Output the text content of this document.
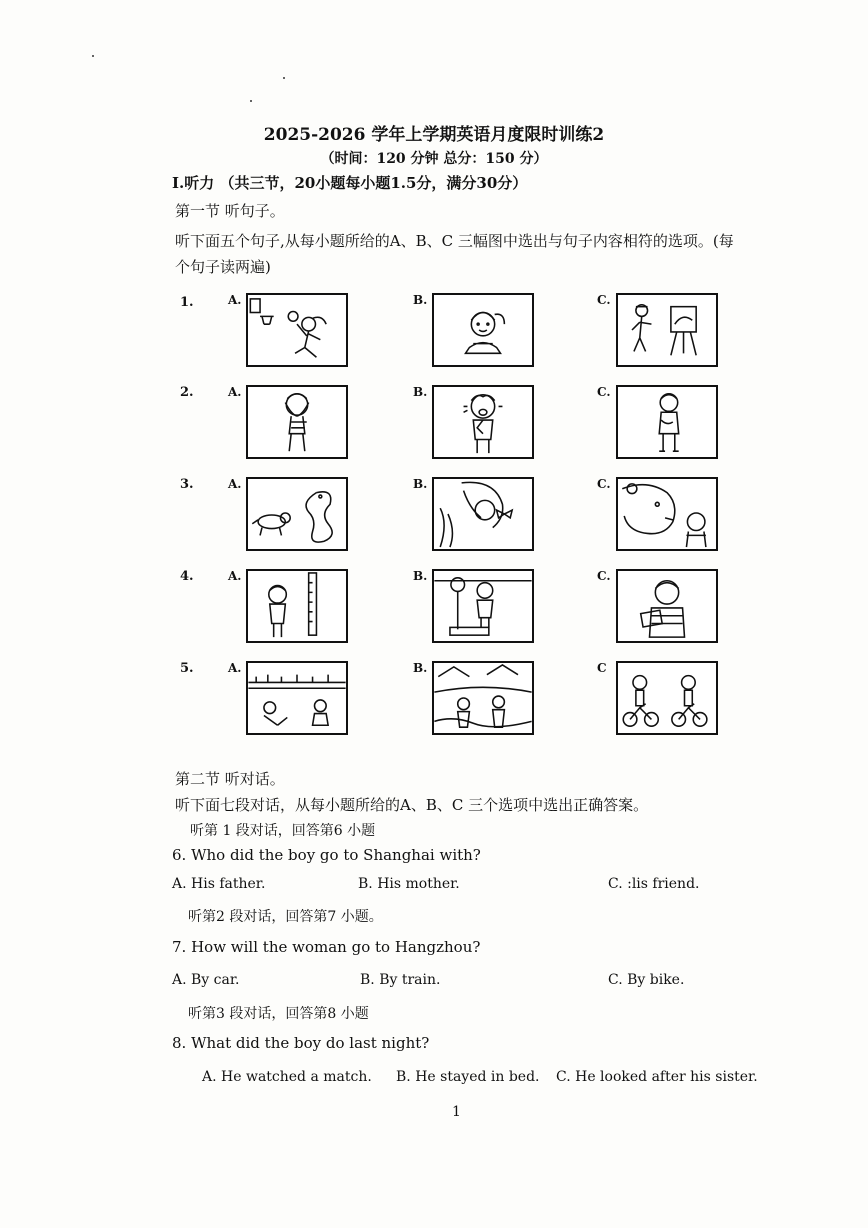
2025-2026 学年上学期英语月度限时训练2
（时间：120 分钟 总分：150 分）
Ⅰ.听力 （共三节，20小题每小题1.5分，满分30分）
第一节 听句子。
听下面五个句子,从每小题所给的A、B、C 三幅图中选出与句子内容相符的选项。(每
个句子读两遍)
1.	A.	B.	C.
2.	A.	B.	C.
3.	A.	B.	C.
4.	A.	B.	C.
5.	A.	B.	C
第二节 听对话。
听下面七段对话，从每小题所给的A、B、C 三个选项中选出正确答案。
听第 1 段对话，回答第6 小题
6. Who did the boy go to Shanghai with?
A. His father.	B. His mother.	C. :lis friend.
听第2 段对话，回答第7 小题。
7. How will the woman go to Hangzhou?
A. By car.	B. By train.	C. By bike.
听第3 段对话，回答第8 小题
8. What did the boy do last night?
A. He watched a match. B. He stayed in bed. C. He looked after his sister.
1
